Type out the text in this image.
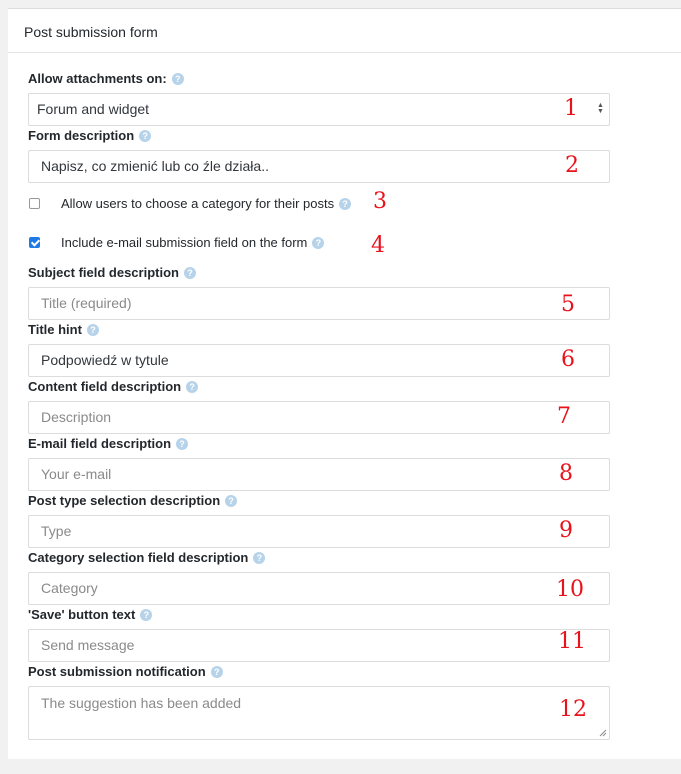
Post submission form
Allow attachments on: ?
Forum and widget	▲
▼
1
Form description ?
Napisz, co zmienić lub co źle działa..	2
Allow users to choose a category for their posts ? 3
Include e-mail submission field on the form ? 4
Subject field description ?
Title (required)	5
Title hint ?
Podpowiedź w tytule	6
Content field description ?
Description	7
E-mail field description ?
Your e-mail	8
Post type selection description ?
Type	9
Category selection field description ?
Category	10
'Save' button text ?
Send message	11
Post submission notification ?
The suggestion has been added	12
